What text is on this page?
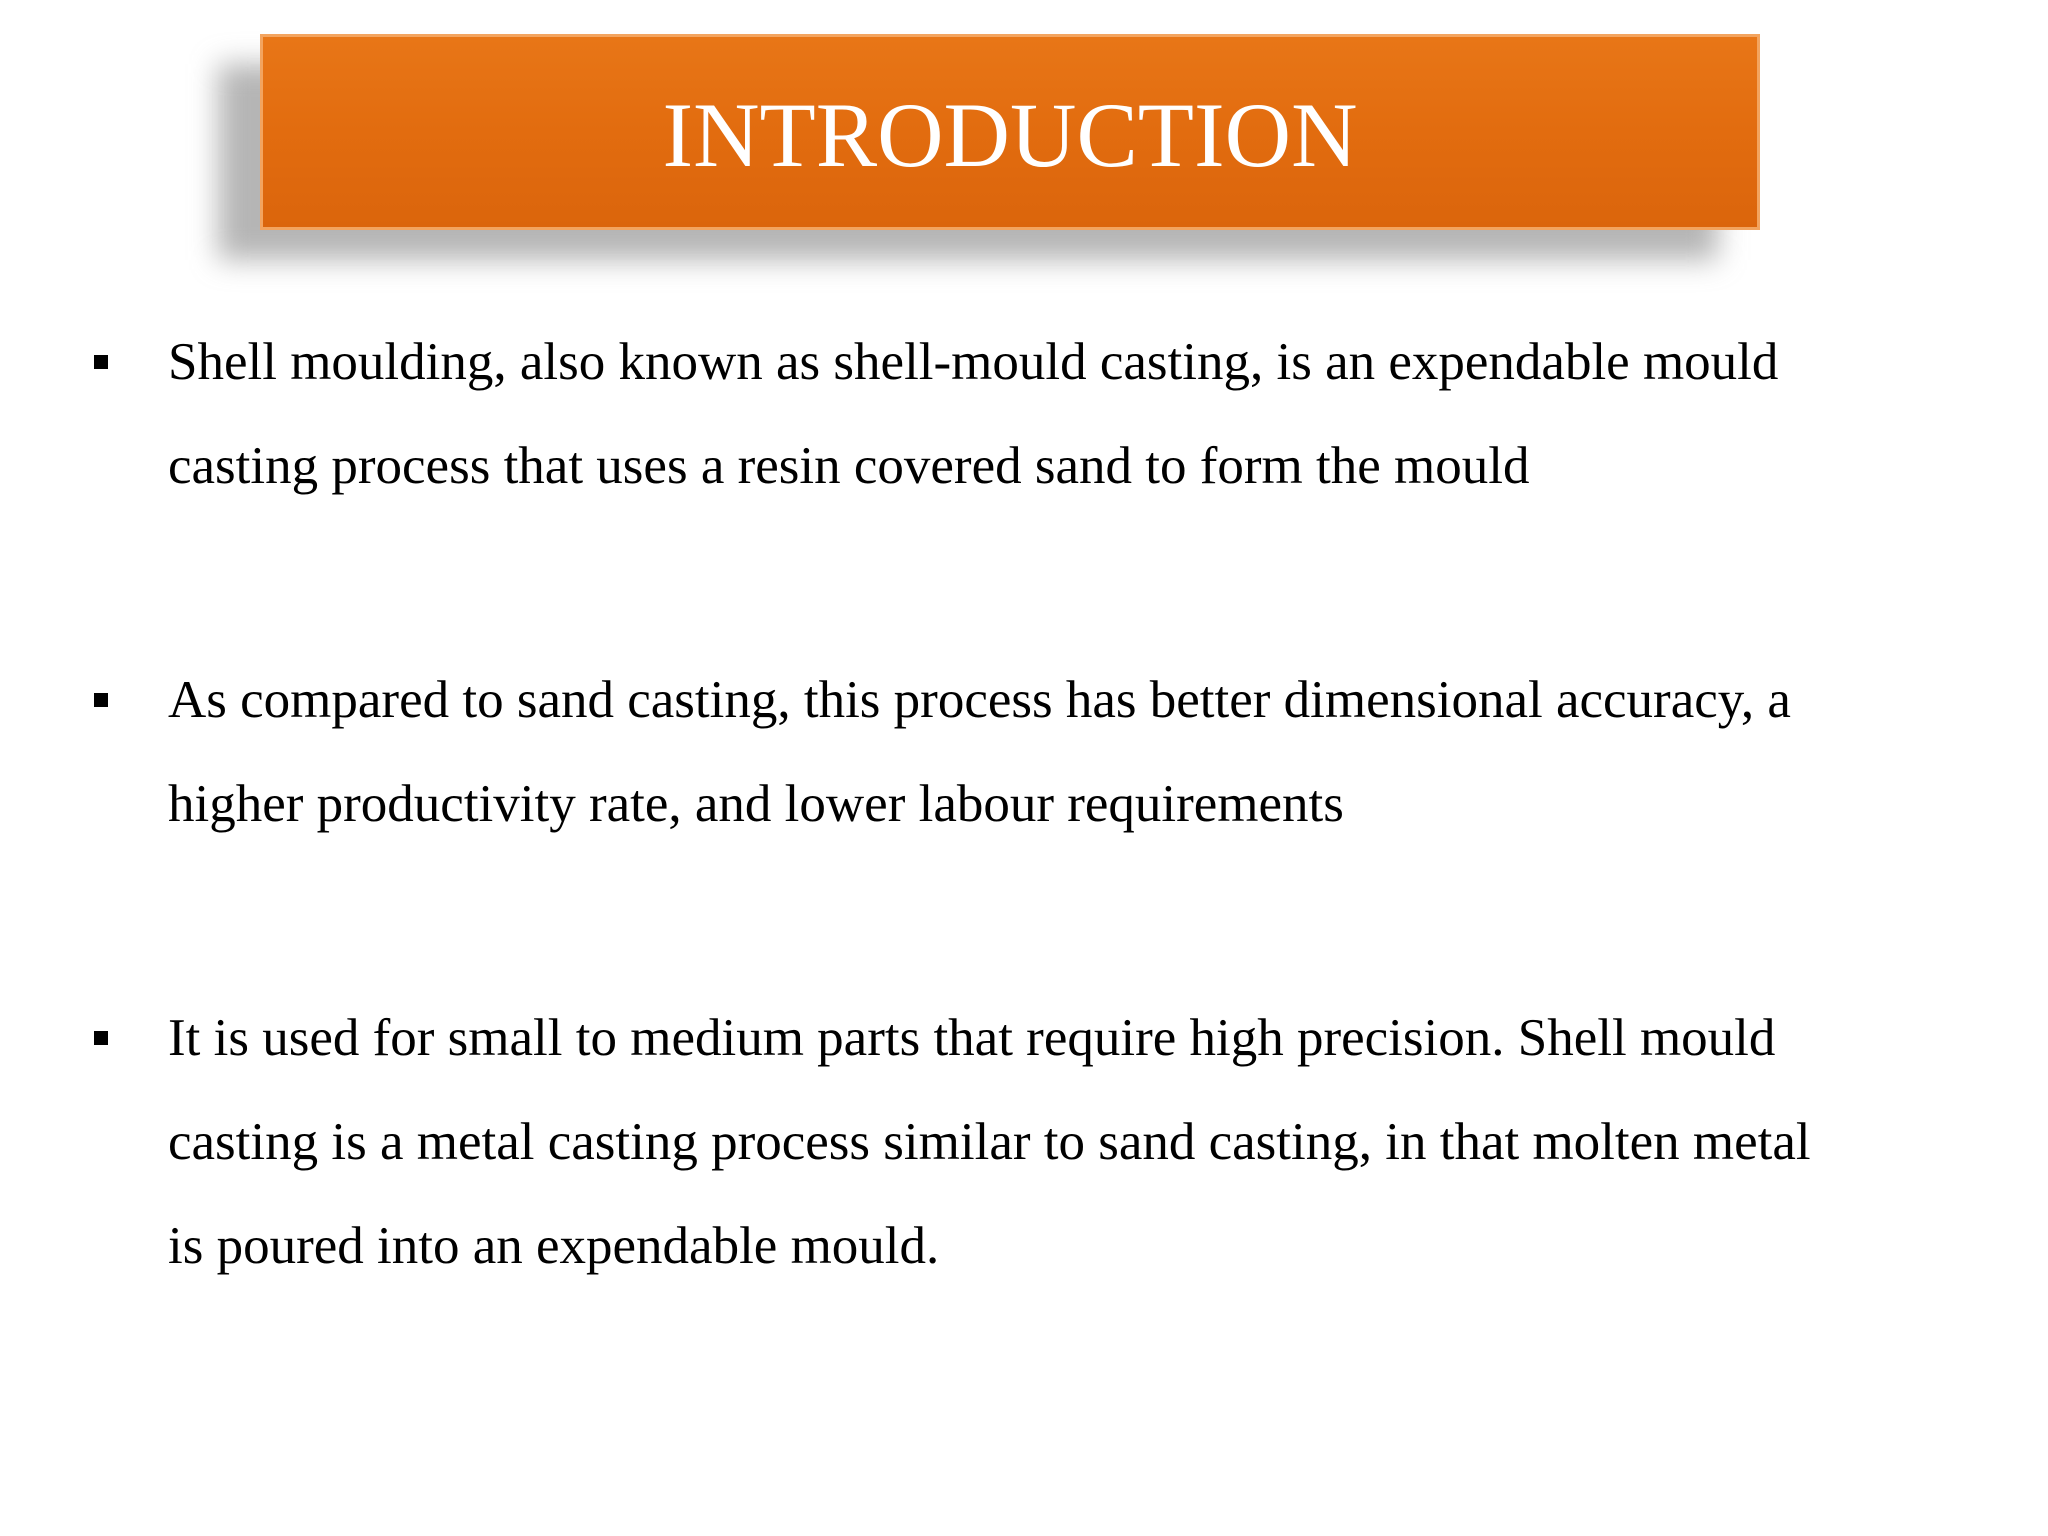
INTRODUCTION
Shell moulding, also known as shell-mould casting, is an expendable mould
casting process that uses a resin covered sand to form the mould
As compared to sand casting, this process has better dimensional accuracy, a
higher productivity rate, and lower labour requirements
It is used for small to medium parts that require high precision. Shell mould
casting is a metal casting process similar to sand casting, in that molten metal
is poured into an expendable mould.
